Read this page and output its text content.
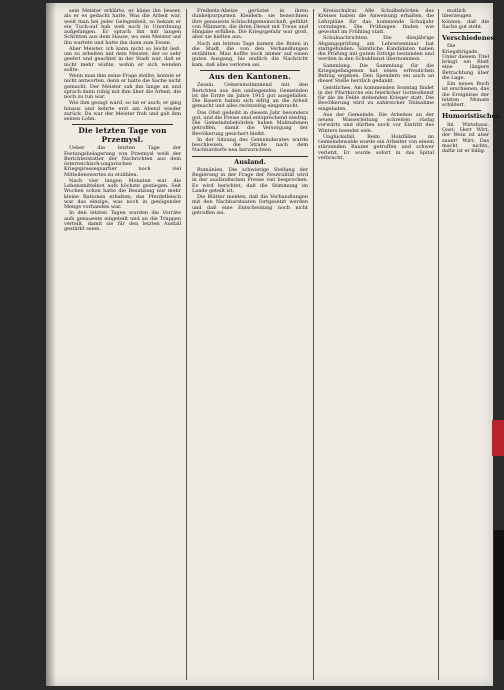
sein Meister erklärte, er käme ihn besser, als er es gedacht hatte. Was die Arbeit war, weiß man bei jeder Gelegenheit, so bekam er ein Tuch-auf bah weh noch in Unordnung aufgefangen. Er sprach ihn mit langen Schritten aus dem Hause, wo sein Meister auf ihn wartete und hatte ihn dann zum Essen.

Aber Meister, ich kann nicht so leicht ließ, um zu arbeiten mit dem Meister, der so sehr geehrt und geachtet in der Stadt war, daß er nicht mehr wußte, wohin er sich wenden sollte.

Wenn man ihm seine Frage stellte, konnte er nicht antworten, denn er hatte die Sache nicht gemacht. Der Meister sah ihn lange an und sprach dann ruhig mit ihm über die Arbeit, die noch zu tun war.

Wie ihm gesagt ward, so tat er auch; er ging hinaus und kehrte erst am Abend wieder zurück. Da war der Meister froh und gab ihm seinen Lohn.

Die letzten Tage von Przemysl.

Ueber die letzten Tage der Festungsbelagerung von Przemysl weiß der Berichterstatter der Nachrichten aus dem österreichisch-ungarischen Kriegspressequartier noch viel Mitteilenswertes zu erzählen.

Nach vier langen Monaten war die Lebensmittelnot aufs höchste gestiegen. Seit Wochen schon hatte die Besatzung nur mehr kleine Rationen erhalten; das Pferdefleisch war das einzige, was noch in genügender Menge vorhanden war.

In den letzten Tagen wurden die Vorräte aufs genaueste eingeteilt und an die Truppen verteilt, damit sie für den letzten Ausfall gestärkt seien.

Freiheits-Abeize gerüstet in ihren dunkelpurpurnen Kleidern; sie bezeichnen ihre genaueste Schlachtgemeinschaft, geführt von Männern, die ihren Dienst mit Treue und Hingabe erfüllen. Die Kriegsgefahr war groß, aber sie hielten aus.

Noch am letzten Tage kamen die Boten in die Stadt, die von den Verhandlungen erzählten. Man hoffte noch immer auf einen guten Ausgang, bis endlich die Nachricht kam, daß alles verloren sei.

Aus den Kantonen.

Zessin. Uebereinstimmend mit den Berichten aus den umliegenden Gemeinden ist die Ernte im Jahre 1915 gut ausgefallen. Die Bauern haben sich eifrig an die Arbeit gemacht und alles rechtzeitig eingebracht.

Das Obst gedeiht in diesem Jahr besonders gut, und die Preise sind entsprechend niedrig. Die Gemeindebehörden haben Maßnahmen getroffen, damit die Versorgung der Bevölkerung gesichert bleibt.

In der Sitzung des Gemeinderates wurde beschlossen, die Straße nach dem Nachbardorfe neu herzurichten.

Ausland.

Rumänien. Die schwierige Stellung der Regierung in der Frage der Neutralität wird in der ausländischen Presse viel besprochen. Es wird berichtet, daß die Stimmung im Lande geteilt ist.

Die Blätter melden, daß die Verhandlungen mit den Nachbarstaaten fortgesetzt werden und daß eine Entscheidung noch nicht getroffen sei.

Kreisschulrat. Alle Schulbehörden des Kreises haben die Anweisung erhalten, die Lehrpläne für das kommende Schuljahr vorzulegen. Die Prüfungen finden wie gewohnt im Frühling statt.

Schulnachrichten. Die diesjährige Abgangsprüfung am Lehrerseminar hat stattgefunden. Sämtliche Kandidaten haben die Prüfung mit gutem Erfolge bestanden und werden in den Schuldienst übernommen.

Sammlung. Die Sammlung für die Kriegsgefangenen hat einen erfreulichen Betrag ergeben. Den Spendern sei auch an dieser Stelle herzlich gedankt.

Geistliches. Am kommenden Sonntag findet in der Pfarrkirche ein feierlicher Gottesdienst für die im Felde stehenden Krieger statt. Die Bevölkerung wird zu zahlreicher Teilnahme eingeladen.

Aus der Gemeinde. Die Arbeiten an der neuen Wasserleitung schreiten rüstig vorwärts und dürften noch vor Eintritt des Winters beendet sein.

Unglücksfall. Beim Holzfällen im Gemeindewalde wurde ein Arbeiter von einem stürzenden Baume getroffen und schwer verletzt. Er wurde sofort in das Spital verbracht.

mutlich überzeugen können, daß die Sache gut steht.

Verschiedenes.

Die Kriegsbrigade. Unter diesem Titel bringt ein Blatt eine längere Betrachtung über die Lage.

Ein neues Buch ist erschienen, das die Ereignisse der letzten Monate schildert.

Humoristisches.

Im Wirtshaus. Gast: Herr Wirt, der Wein ist aber sauer! Wirt: Das macht nichts, dafür ist er billig.
